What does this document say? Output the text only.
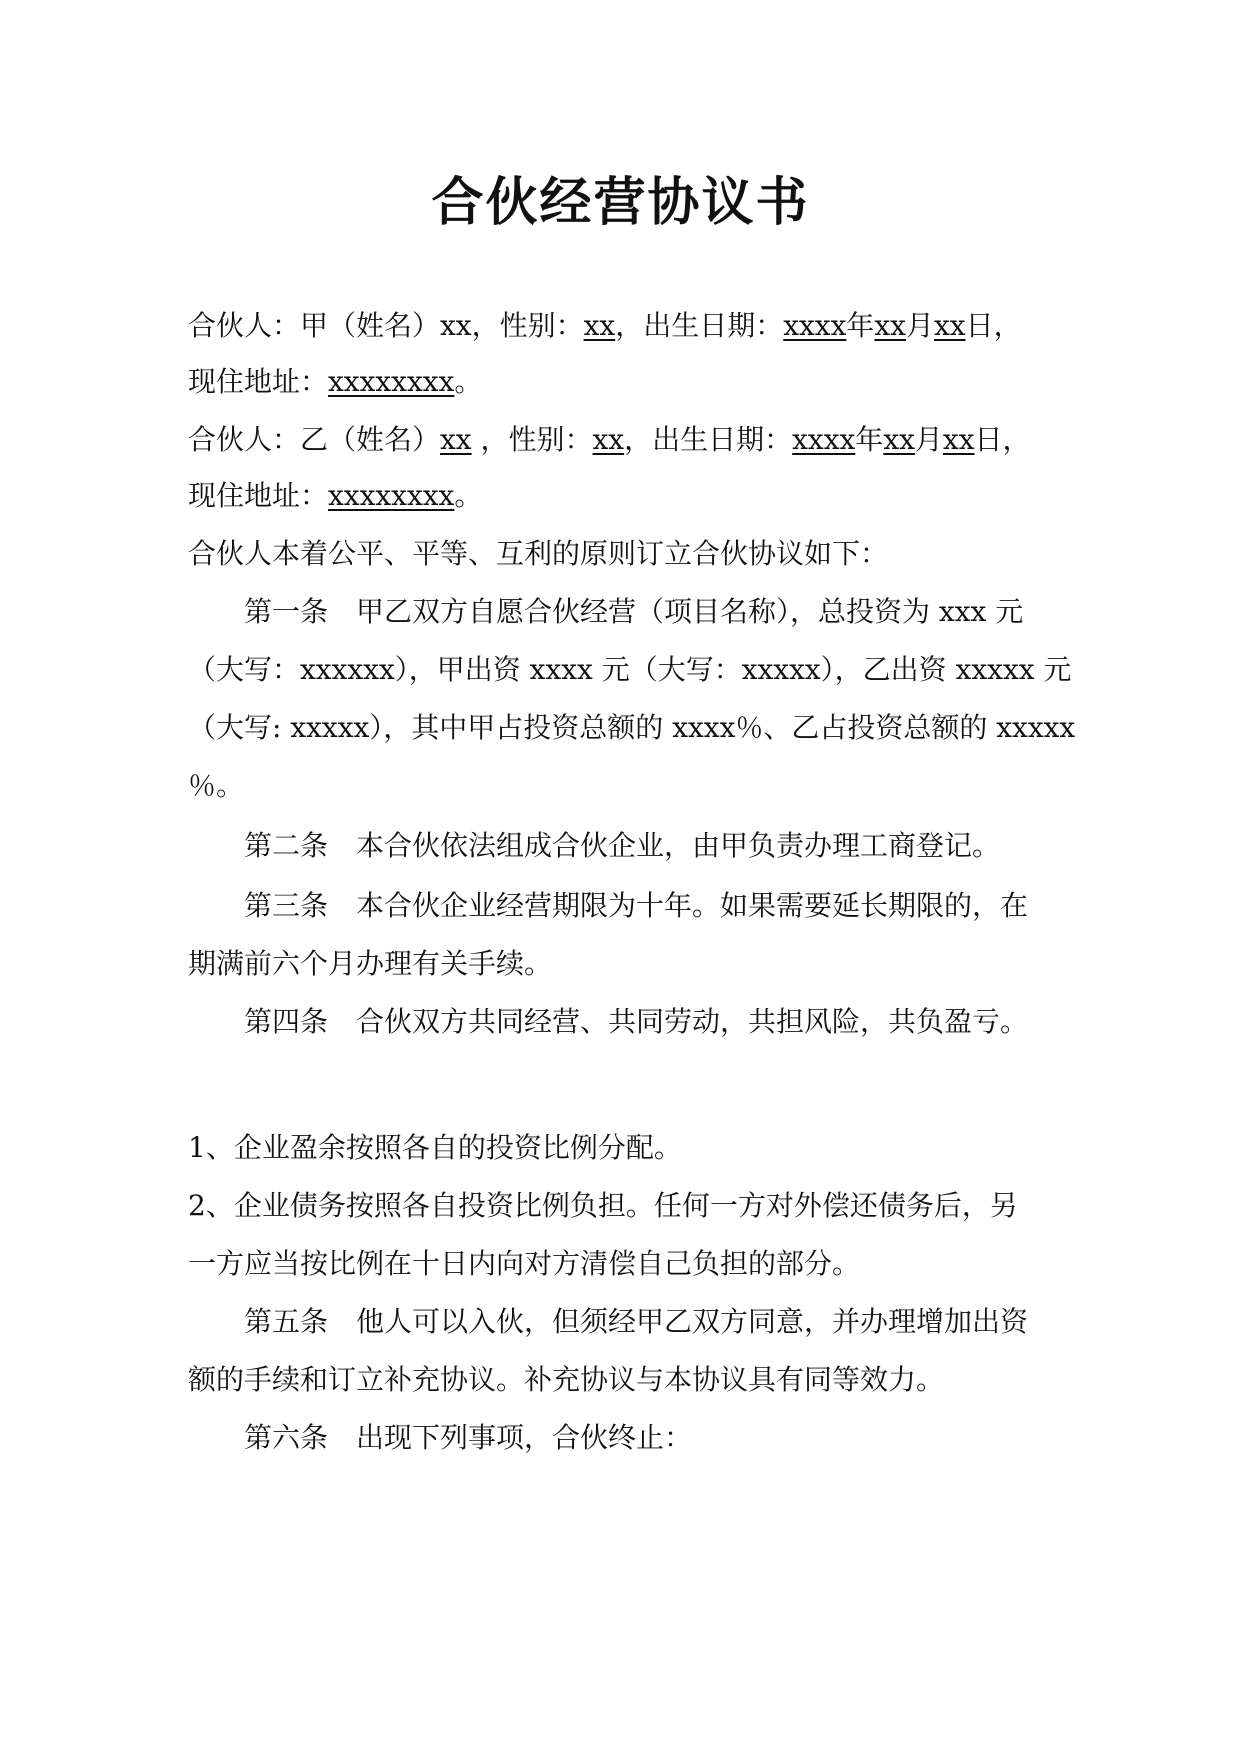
合伙经营协议书
合伙人：甲（姓名）xx，性别：xx，出生日期：xxxx年xx月xx日，
现住地址：xxxxxxxx。
合伙人：乙（姓名）xx ，性别：xx，出生日期：xxxx年xx月xx日，
现住地址：xxxxxxxx。
合伙人本着公平、平等、互利的原则订立合伙协议如下：
第一条 甲乙双方自愿合伙经营（项目名称），总投资为 xxx 元
（大写：xxxxxx），甲出资 xxxx 元（大写：xxxxx），乙出资 xxxxx 元
（大写: xxxxx），其中甲占投资总额的 xxxx％、乙占投资总额的 xxxxx
％。
第二条 本合伙依法组成合伙企业，由甲负责办理工商登记。
第三条 本合伙企业经营期限为十年。如果需要延长期限的，在
期满前六个月办理有关手续。
第四条 合伙双方共同经营、共同劳动，共担风险，共负盈亏。
1、企业盈余按照各自的投资比例分配。
2、企业债务按照各自投资比例负担。任何一方对外偿还债务后，另
一方应当按比例在十日内向对方清偿自己负担的部分。
第五条 他人可以入伙，但须经甲乙双方同意，并办理增加出资
额的手续和订立补充协议。补充协议与本协议具有同等效力。
第六条 出现下列事项，合伙终止：
